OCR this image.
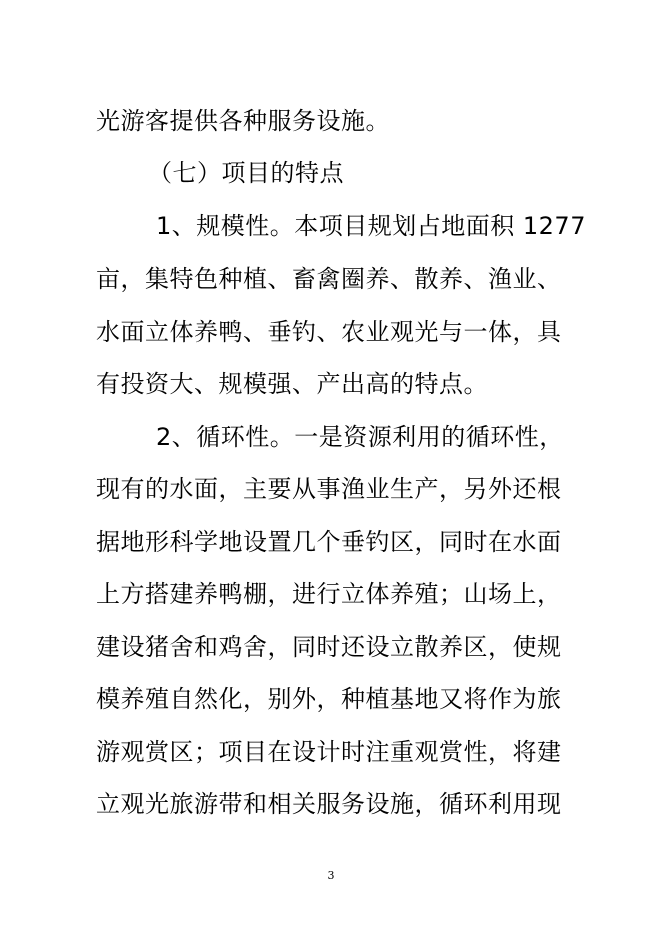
光游客提供各种服务设施。
（七）项目的特点
1、规模性。本项目规划占地面积 1277
亩，集特色种植、畜禽圈养、散养、渔业、
水面立体养鸭、垂钓、农业观光与一体，具
有投资大、规模强、产出高的特点。
2、循环性。一是资源利用的循环性，
现有的水面，主要从事渔业生产，另外还根
据地形科学地设置几个垂钓区，同时在水面
上方搭建养鸭棚，进行立体养殖；山场上，
建设猪舍和鸡舍，同时还设立散养区，使规
模养殖自然化，别外，种植基地又将作为旅
游观赏区；项目在设计时注重观赏性，将建
立观光旅游带和相关服务设施，循环利用现
3
